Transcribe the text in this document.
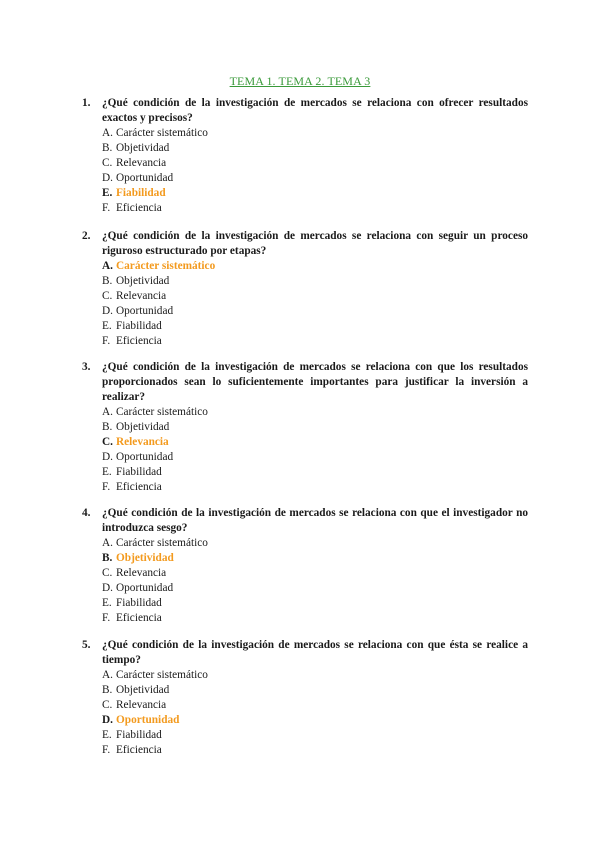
TEMA 1. TEMA 2. TEMA 3
1. ¿Qué condición de la investigación de mercados se relaciona con ofrecer resultados exactos y precisos?
A. Carácter sistemático
B. Objetividad
C. Relevancia
D. Oportunidad
E. Fiabilidad
F. Eficiencia
2. ¿Qué condición de la investigación de mercados se relaciona con seguir un proceso riguroso estructurado por etapas?
A. Carácter sistemático
B. Objetividad
C. Relevancia
D. Oportunidad
E. Fiabilidad
F. Eficiencia
3. ¿Qué condición de la investigación de mercados se relaciona con que los resultados proporcionados sean lo suficientemente importantes para justificar la inversión a realizar?
A. Carácter sistemático
B. Objetividad
C. Relevancia
D. Oportunidad
E. Fiabilidad
F. Eficiencia
4. ¿Qué condición de la investigación de mercados se relaciona con que el investigador no introduzca sesgo?
A. Carácter sistemático
B. Objetividad
C. Relevancia
D. Oportunidad
E. Fiabilidad
F. Eficiencia
5. ¿Qué condición de la investigación de mercados se relaciona con que ésta se realice a tiempo?
A. Carácter sistemático
B. Objetividad
C. Relevancia
D. Oportunidad
E. Fiabilidad
F. Eficiencia
